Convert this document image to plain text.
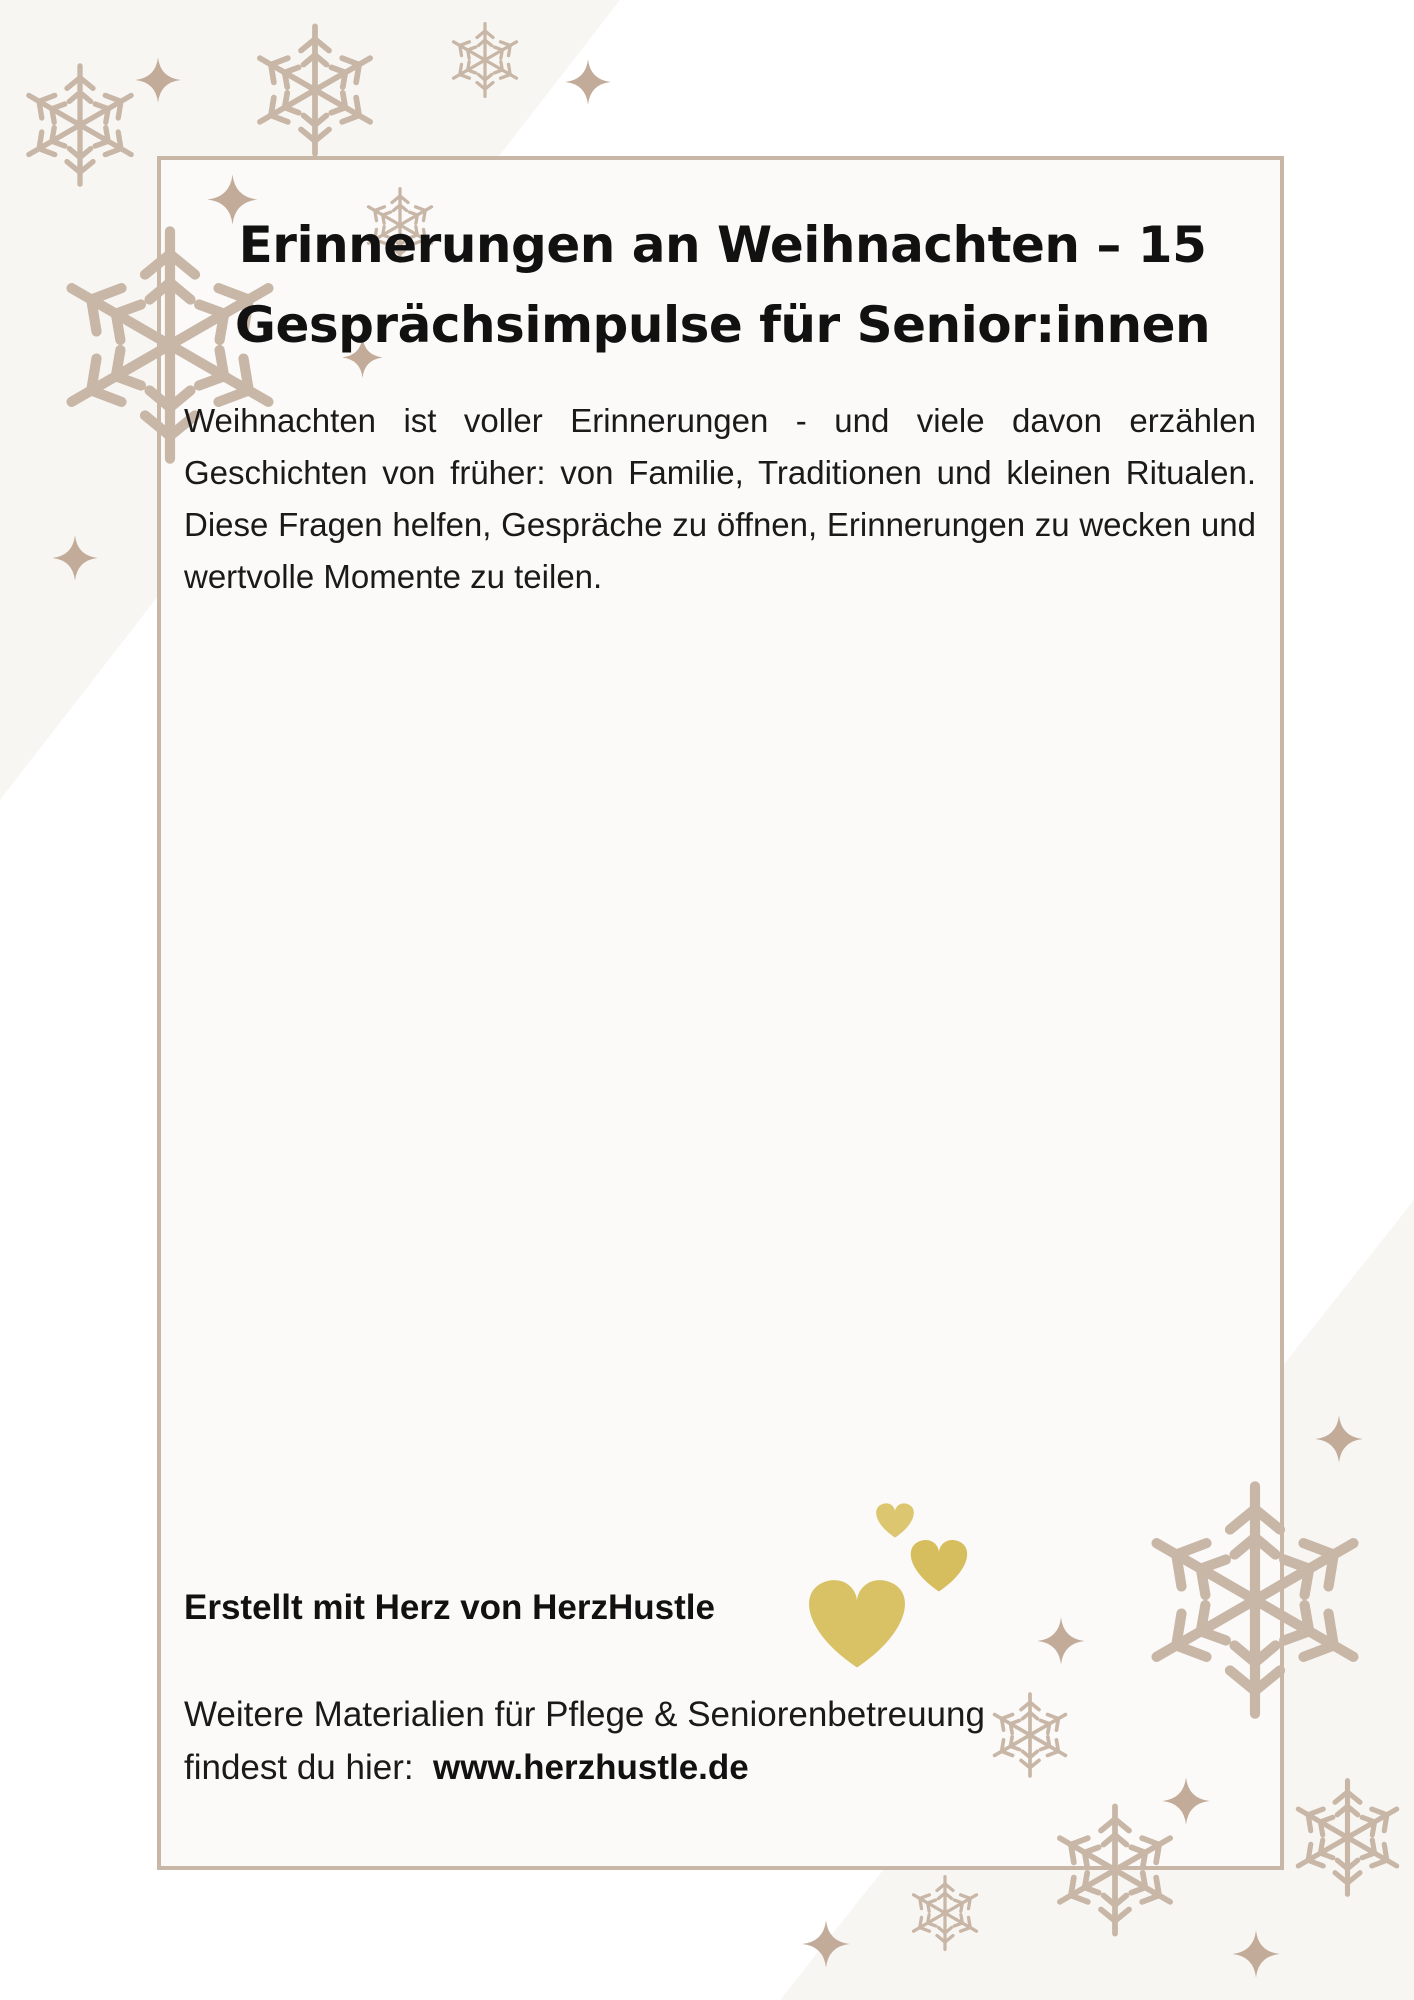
Erinnerungen an Weihnachten – 15
Gesprächsimpulse für Senior:innen

Weihnachten ist voller Erinnerungen - und viele davon erzählen Geschichten von früher: von Familie, Traditionen und kleinen Ritualen. Diese Fragen helfen, Gespräche zu öffnen, Erinnerungen zu wecken und wertvolle Momente zu teilen.

Erstellt mit Herz von HerzHustle

Weitere Materialien für Pflege & Seniorenbetreuung
findest du hier:  www.herzhustle.de
